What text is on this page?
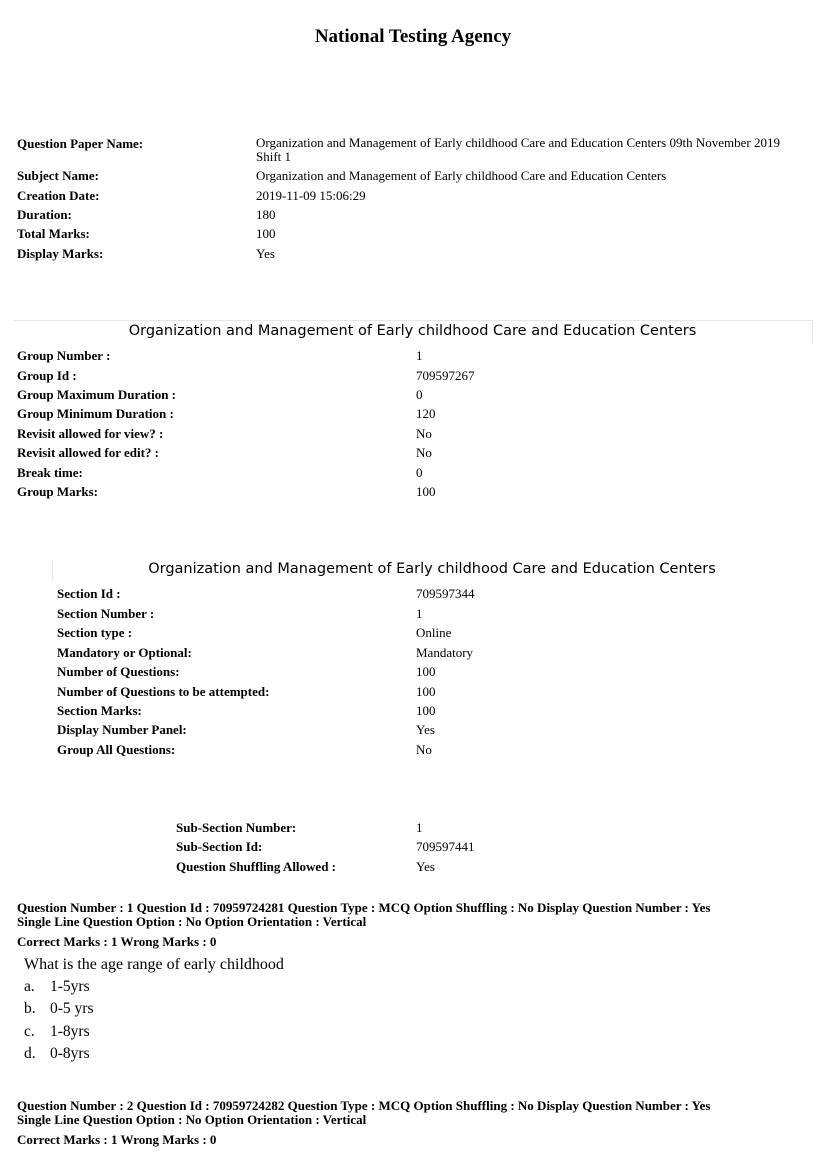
National Testing Agency
Question Paper Name:	Organization and Management of Early childhood Care and Education Centers 09th November 2019 Shift 1
Subject Name:	Organization and Management of Early childhood Care and Education Centers
Creation Date:	2019-11-09 15:06:29
Duration:	180
Total Marks:	100
Display Marks:	Yes
Organization and Management of Early childhood Care and Education Centers
Group Number :	1
Group Id :	709597267
Group Maximum Duration :	0
Group Minimum Duration :	120
Revisit allowed for view? :	No
Revisit allowed for edit? :	No
Break time:	0
Group Marks:	100
Organization and Management of Early childhood Care and Education Centers
Section Id :	709597344
Section Number :	1
Section type :	Online
Mandatory or Optional:	Mandatory
Number of Questions:	100
Number of Questions to be attempted:	100
Section Marks:	100
Display Number Panel:	Yes
Group All Questions:	No
Sub-Section Number:	1
Sub-Section Id:	709597441
Question Shuffling Allowed :	Yes
Question Number : 1 Question Id : 70959724281 Question Type : MCQ Option Shuffling : No Display Question Number : Yes
Single Line Question Option : No Option Orientation : Vertical
Correct Marks : 1 Wrong Marks : 0
What is the age range of early childhood
a. 1-5yrs
b. 0-5 yrs
c. 1-8yrs
d. 0-8yrs
Question Number : 2 Question Id : 70959724282 Question Type : MCQ Option Shuffling : No Display Question Number : Yes
Single Line Question Option : No Option Orientation : Vertical
Correct Marks : 1 Wrong Marks : 0
